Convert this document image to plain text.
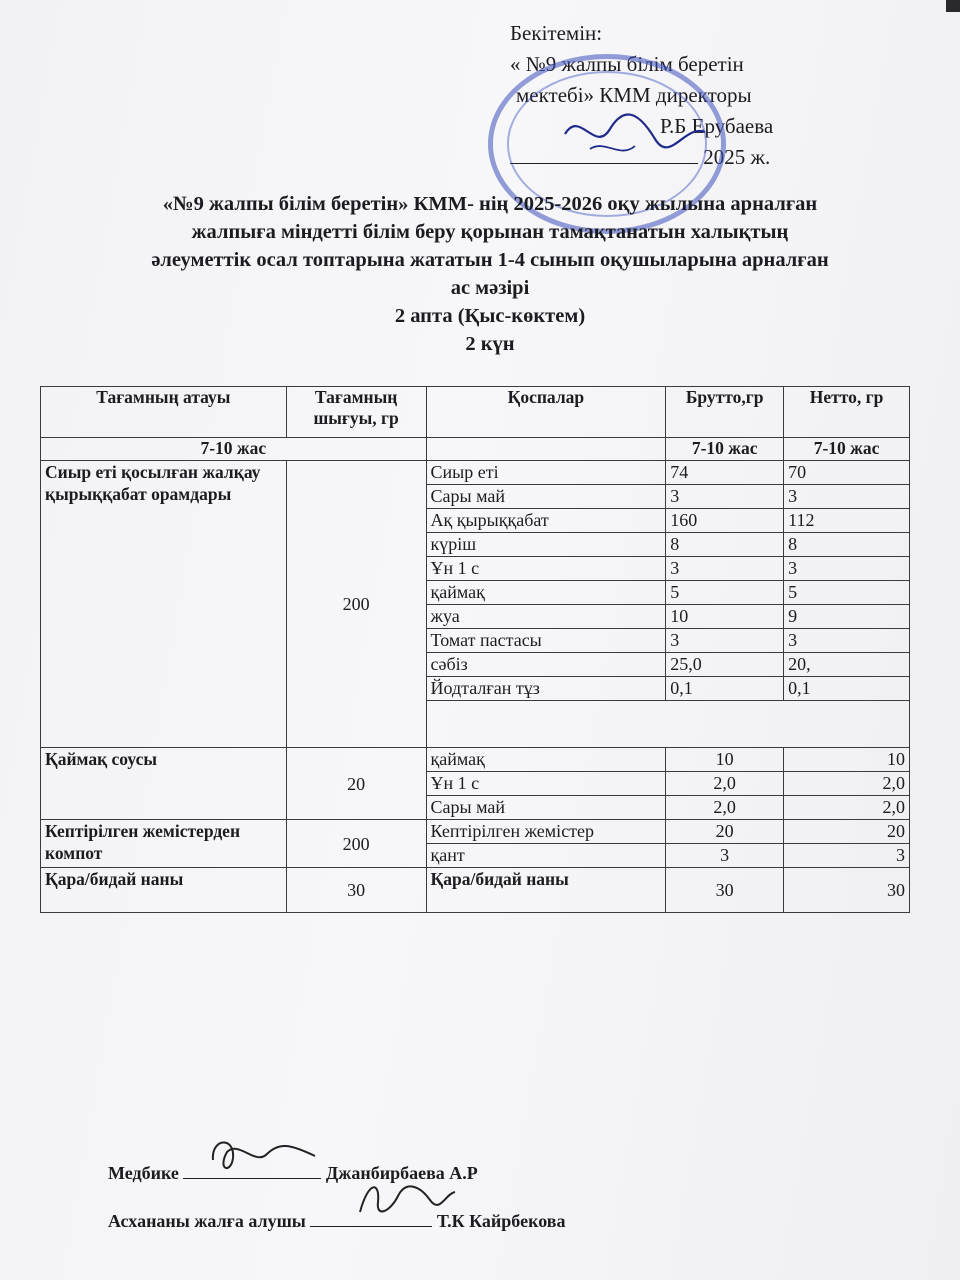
Бекітемін:
« №9 жалпы білім беретін
мектебі» КММ директоры
Р.Б Ерубаева
2025 ж.
«№9 жалпы білім беретін» КММ- нің 2025-2026 оқу жылына арналған
жалпыға міндетті білім беру қорынан тамақтанатын халықтың
әлеуметтік осал топтарына жататын 1-4 сынып оқушыларына арналған
ас мәзірі
2 апта (Қыс-көктем)
2 күн
Тағамның атауы	Тағамның шығуы, гр	Қоспалар	Брутто,гр	Нетто, гр
7-10 жас			7-10 жас	7-10 жас
Сиыр еті қосылған жалқау қырыққабат орамдары	200	Сиыр еті	74	70
		Сары май	3	3
		Ақ қырыққабат	160	112
		күріш	8	8
		Ұн 1 с	3	3
		қаймақ	5	5
		жуа	10	9
		Томат пастасы	3	3
		сәбіз	25,0	20,
		Йодталған тұз	0,1	0,1

Қаймақ соусы	20	қаймақ	10	10
		Ұн 1 с	2,0	2,0
		Сары май	2,0	2,0
Кептірілген жемістерден компот	200	Кептірілген жемістер	20	20
		қант	3	3
Қара/бидай наны	30	Қара/бидай наны	30	30
Медбике	Джанбирбаева А.Р
Асхананы жалға алушы	Т.К Кайрбекова
